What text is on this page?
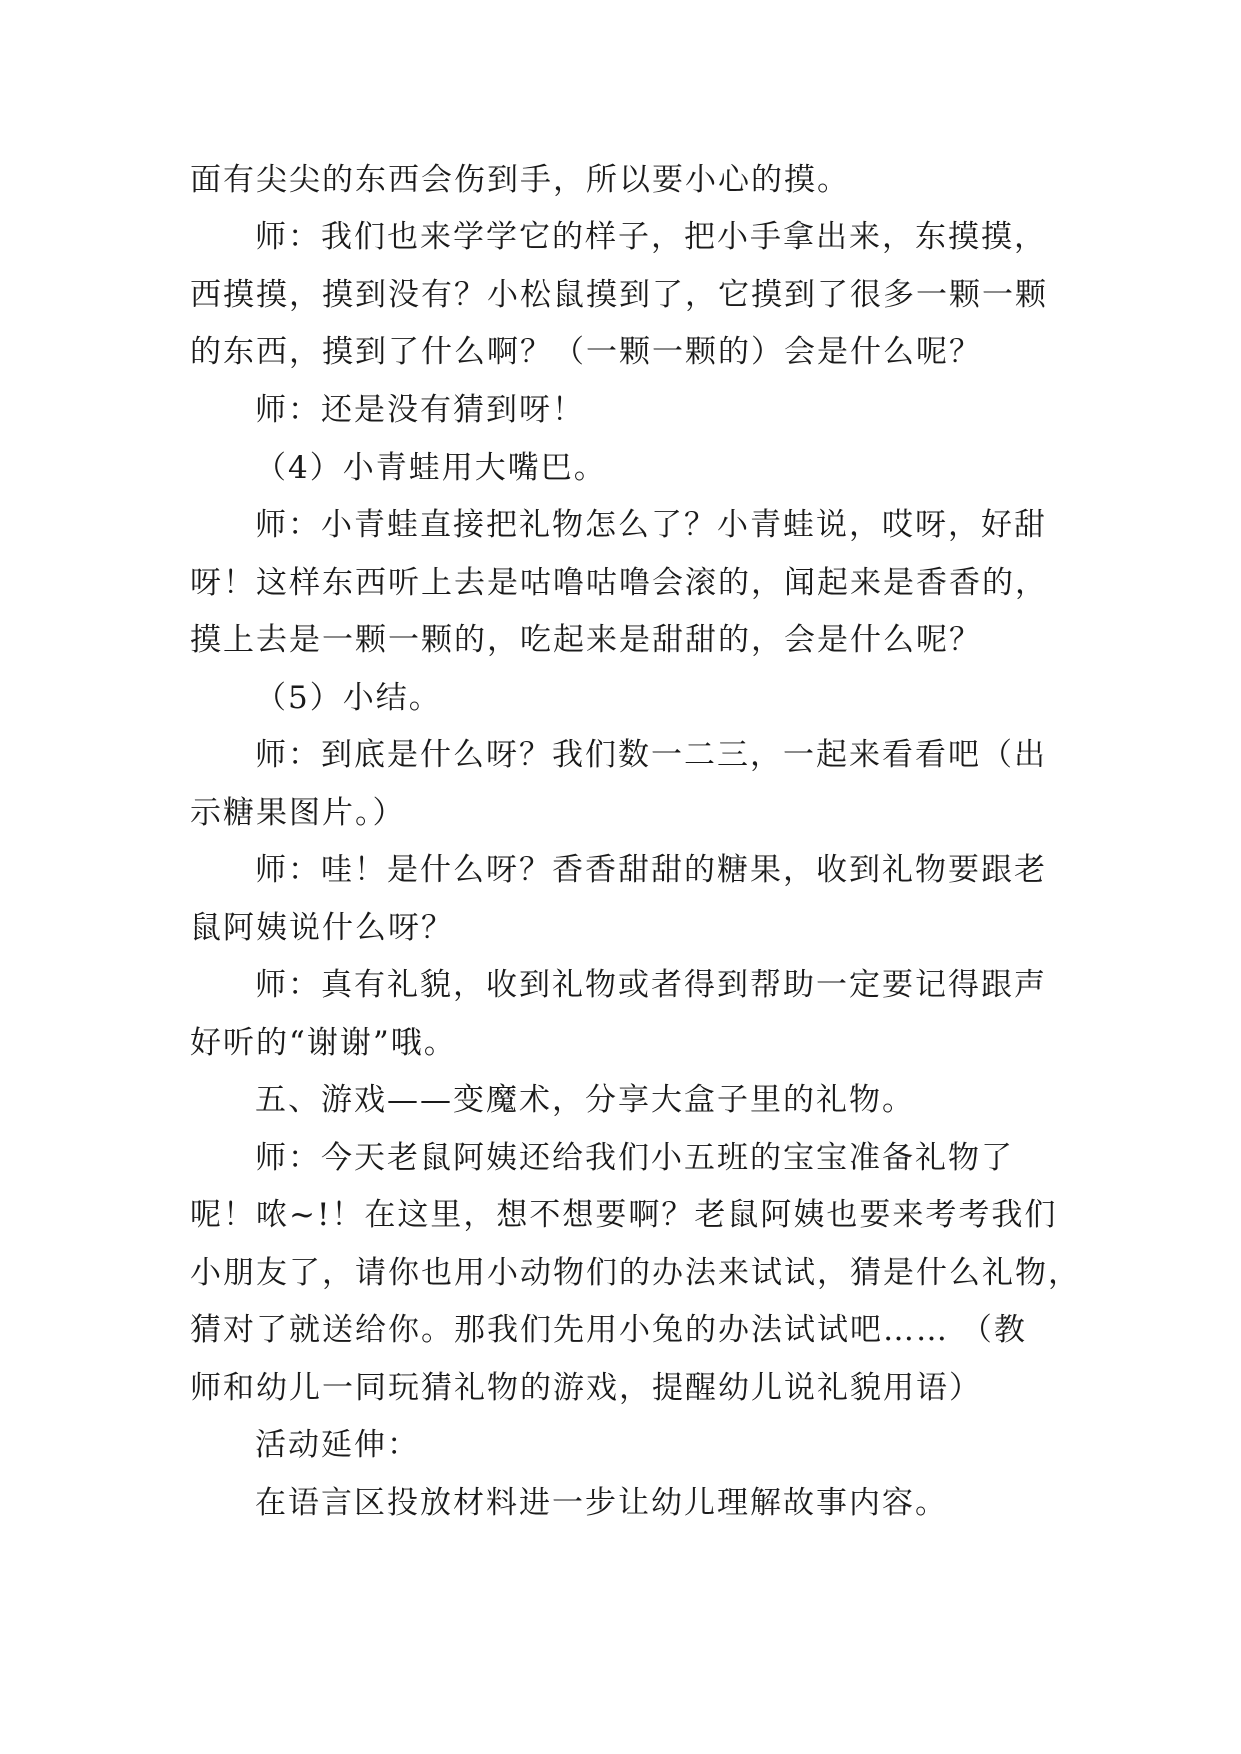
面有尖尖的东西会伤到手，所以要小心的摸。
师：我们也来学学它的样子，把小手拿出来，东摸摸，
西摸摸，摸到没有？小松鼠摸到了，它摸到了很多一颗一颗
的东西，摸到了什么啊？（一颗一颗的）会是什么呢？
师：还是没有猜到呀！
（4）小青蛙用大嘴巴。
师：小青蛙直接把礼物怎么了？小青蛙说，哎呀，好甜
呀！这样东西听上去是咕噜咕噜会滚的，闻起来是香香的，
摸上去是一颗一颗的，吃起来是甜甜的，会是什么呢？
（5）小结。
师：到底是什么呀？我们数一二三，一起来看看吧（出
示糖果图片。）
师：哇！是什么呀？香香甜甜的糖果，收到礼物要跟老
鼠阿姨说什么呀？
师：真有礼貌，收到礼物或者得到帮助一定要记得跟声
好听的“谢谢”哦。
五、游戏——变魔术，分享大盒子里的礼物。
师：今天老鼠阿姨还给我们小五班的宝宝准备礼物了
呢！哝~!！在这里，想不想要啊？老鼠阿姨也要来考考我们
小朋友了，请你也用小动物们的办法来试试，猜是什么礼物，
猜对了就送给你。那我们先用小兔的办法试试吧…… （教
师和幼儿一同玩猜礼物的游戏，提醒幼儿说礼貌用语）
活动延伸：
在语言区投放材料进一步让幼儿理解故事内容。
